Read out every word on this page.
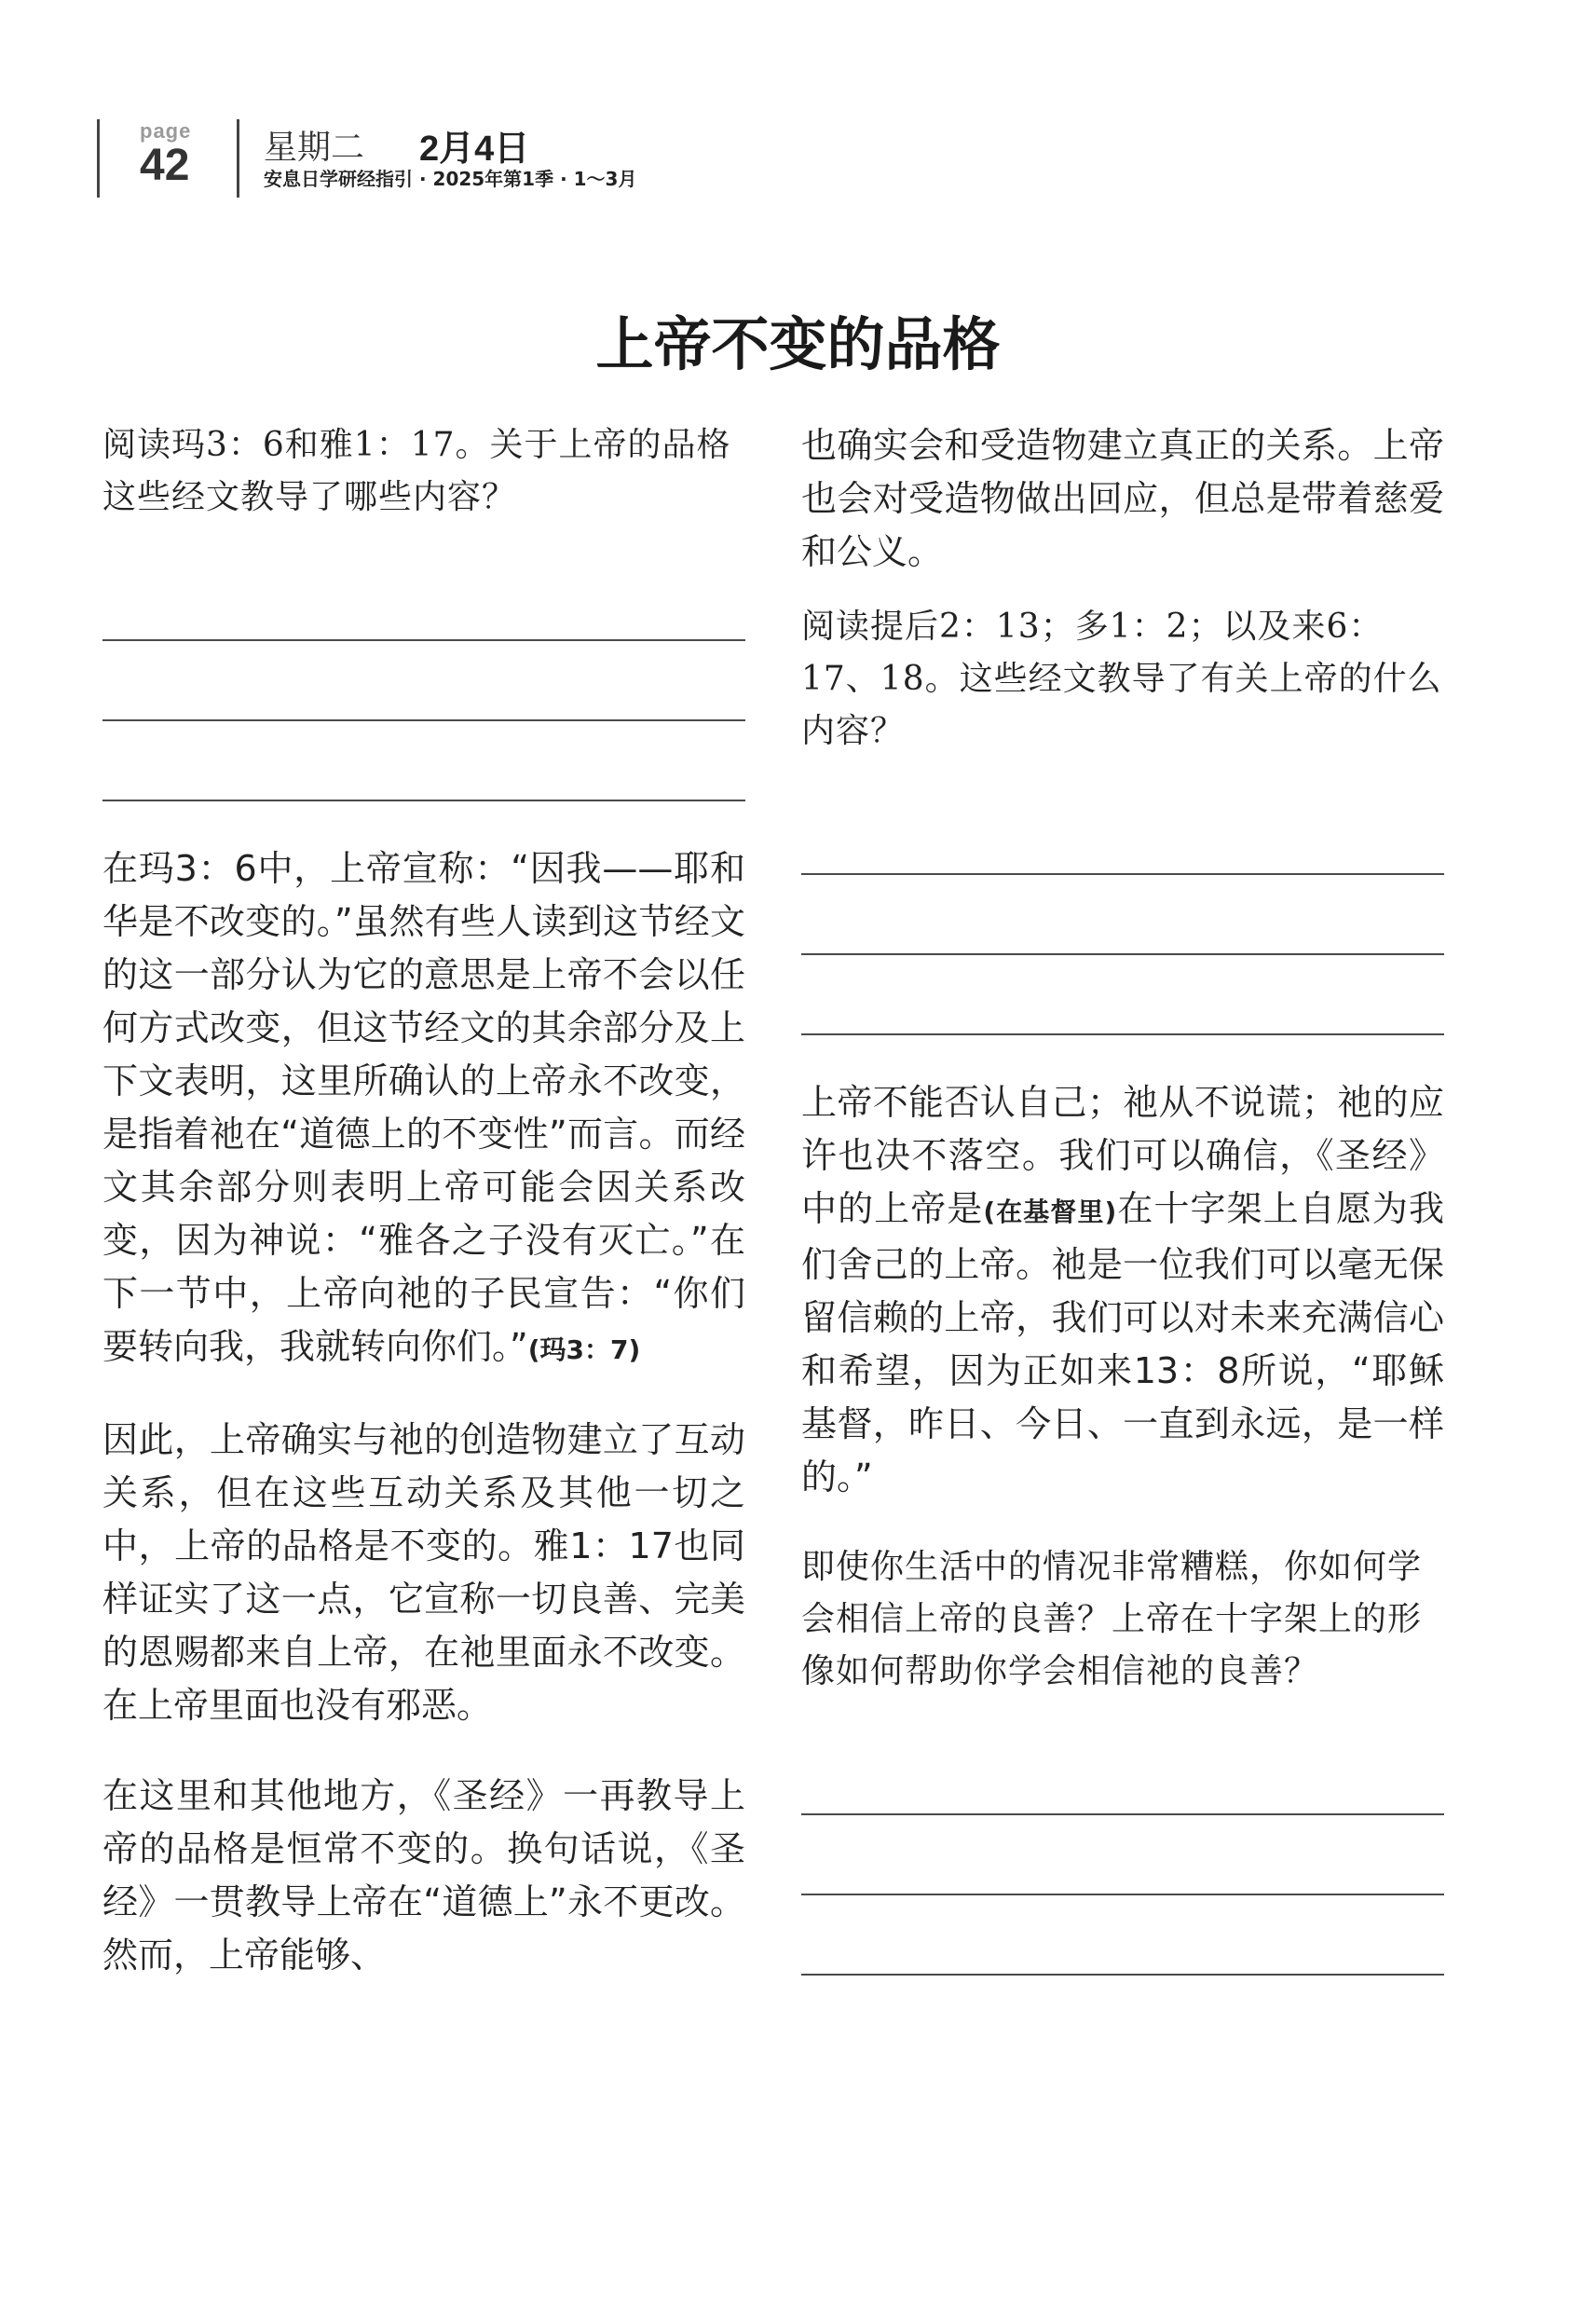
page
42 星期二 2月4日
安息日学研经指引 · 2025年第1季 · 1～3月
上帝不变的品格

阅读玛3：6和雅1：17。关于上帝的品格这些经文教导了哪些内容？

在玛3：6中，上帝宣称：“因我——耶和华是不改变的。”虽然有些人读到这节经文的这一部分认为它的意思是上帝不会以任何方式改变，但这节经文的其余部分及上下文表明，这里所确认的上帝永不改变，是指着祂在“道德上的不变性”而言。而经文其余部分则表明上帝可能会因关系改变，因为神说：“雅各之子没有灭亡。”在下一节中，上帝向祂的子民宣告：“你们要转向我，我就转向你们。”(玛3：7)

因此，上帝确实与祂的创造物建立了互动关系，但在这些互动关系及其他一切之中，上帝的品格是不变的。雅1：17也同样证实了这一点，它宣称一切良善、完美的恩赐都来自上帝，在祂里面永不改变。在上帝里面也没有邪恶。

在这里和其他地方，《圣经》一再教导上帝的品格是恒常不变的。换句话说，《圣经》一贯教导上帝在“道德上”永不更改。然而，上帝能够、

也确实会和受造物建立真正的关系。上帝也会对受造物做出回应，但总是带着慈爱和公义。

阅读提后2：13；多1：2；以及来6：17、18。这些经文教导了有关上帝的什么内容？

上帝不能否认自己；祂从不说谎；祂的应许也决不落空。我们可以确信，《圣经》中的上帝是(在基督里)在十字架上自愿为我们舍己的上帝。祂是一位我们可以毫无保留信赖的上帝，我们可以对未来充满信心和希望，因为正如来13：8所说，“耶稣基督，昨日、今日、一直到永远，是一样的。”

即使你生活中的情况非常糟糕，你如何学会相信上帝的良善？上帝在十字架上的形像如何帮助你学会相信祂的良善？
